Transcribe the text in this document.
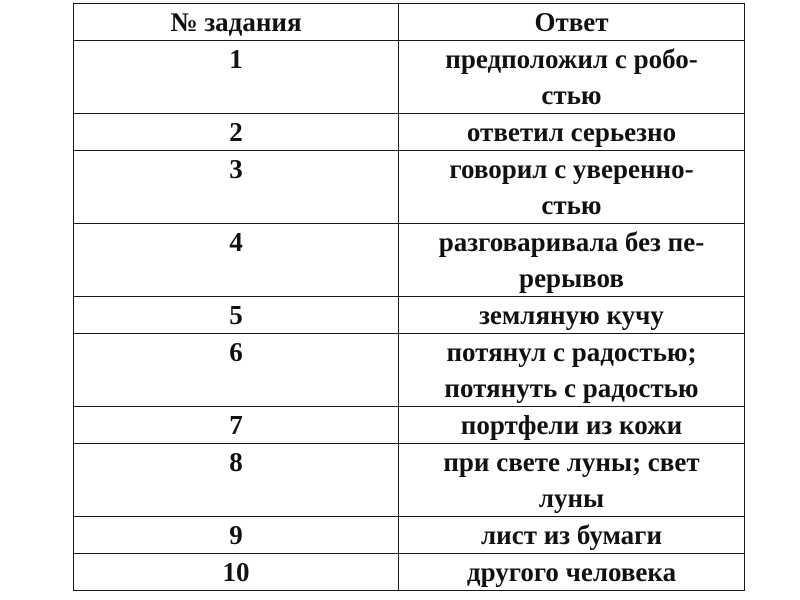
№ задания	Ответ
1	предположил с робо-
стью

2	ответил серьезно

3	говорил с уверенно-
стью

4	разговаривала без пе-
рерывов

5	земляную кучу

6	потянул с радостью;
потянуть с радостью

7	портфели из кожи

8	при свете луны; свет
луны

9	лист из бумаги

10	другого человека
